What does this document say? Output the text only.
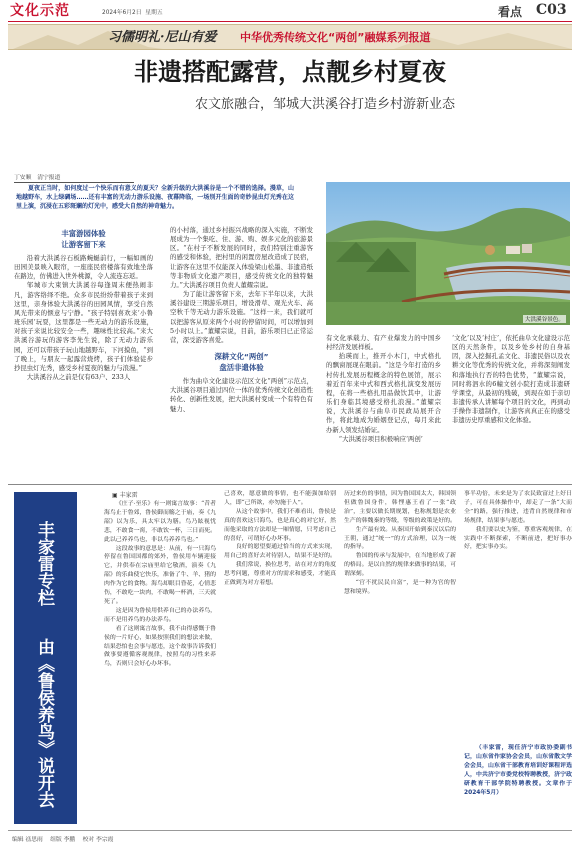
文化示范	2024年6月2日 星期五	看点 C03
习儒明礼·尼山有爱 中华优秀传统文化“两创”融媒系列报道
非遗搭配露营，点靓乡村夏夜
农文旅融合，邹城大洪溪谷打造乡村游新业态
丁安顺　清宁报道
夏夜正当时，如何度过一个快乐而有意义的夏天？全新升级的大洪溪谷是一个不错的选择。漫草，山地越野车，水上绿碉场……还有丰富的无动力游乐设施、夜幕降临，一场别开生面的奇妙昆虫灯光秀在这里上演，沉浸在五彩斑斓的灯光中，感受大自然的神奇魅力。
大洪溪谷景色。
丰富游园体验
让游客留下来

沿着大洪溪谷石板路蜿蜒前行，一幅如画的田园美景映入眼帘，一座座民宿楼落有致地坐落在路边，仿佛进入世外桃源，令人流连忘返。

邹城市大束镇大洪溪谷每逢周末便热闹非凡，游客络绎不绝。众多市民纷纷带着孩子来到这里，亲身体验大洪溪谷的田园风情，享受自然风光带来的惬意与宁静。“孩子特别喜欢来‘小鲁班乐园’玩耍，这里都是一些无动力的游乐设施，对孩子来说比较安全一些，趣味性比较高。”来大洪溪谷游玩的游客李先生说，除了无动力游乐园，还可以带孩子玩山地越野车，下河摸鱼，“到了晚上，与朋友一起露营烧烤，孩子们体验徒步抄昆虫灯光秀，感受乡村夏夜的魅力与浪漫。”

大洪溪谷从之前是仅有63户、233人

的小村落，通过乡村振兴战略的深入实施，不断发展成为一个集吃、住、游、购、娱多元化的旅游景区。“在村子不断发展的同时，我们特别注重游客的感受和体验，把村里的闲置房屋改造成了民宿，让游客在这里不仅能深入体验梁山松墨、非遗造纸等非物质文化遗产项目，感受传统文化的独特魅力。”大洪溪谷项目负责人董耀宗说。

为了能让游客留下来，去年下半年以来，大洪溪谷建设三期游乐项目，增设滑草、观光火车、高空秋千等无动力游乐设施。“这样一来，我们就可以把游客从原来两个小时的停留时间，可以增加到5小时以上。”董耀宗说，目前，游乐项目已正常运营，深受游客喜爱。

深耕文化“两创”
盘活非遗体验

作为曲阜文化建设示范区文化“两创”示范点，大洪溪谷项目通过四位一体的优秀传统文化创造性转化、创新性发展，把大洪溪村变成一个有特色有魅力、

有文化承载力、有产业爆发力的中国乡村经济发展样板。

抬瑛而上，推开小木门，中式格扎的飘窗展现在眼前。“这是今年打造的乡村传扎发展历程概念的特色展馆，展示着近百年来中式和西式格扎演变发展历程，在将一些格扎用品做饮其中，让游乐们身临其境感受格扎浪漫。”董耀宗说，大洪溪谷与曲阜市民政局展开合作，将此地成为婚姻登记点，每月来此办新人领发结婚证。

“大洪溪谷项目积极响应‘两创’

‘文化’以及‘村庄’，依托曲阜文化建设示范区的天然条件，以及乡处乡村的自身基因，深入挖掘孔孟文化、非遗民俗以及农耕文化等优秀的传统文化，并将深刻阐发和落地执行否的特色优势，“董耀宗说，同时将泗水的6幢文创小院打造成非遗研学课堂，从最初的残破，到现在如于亲切非遗传承人讲解每个项目的文化，再到动手操作非遗制作，让游客真真正在的感受非遗历史厚重感和文化体验。

丰家雷专栏
由《鲁侯养鸟》说开去
▣ 丰家雷

《庄子·至乐》有一则寓言故事：“昔者海鸟止于鲁郊，鲁侯御而觞之于庙，奏《九韶》以为乐，具太牢以为膳。鸟乃眩视忧悲，不敢食一脔，不敢饮一杯，三日而死。此以己养养鸟也，非以鸟养养鸟也。”

这段故事的意思是：从前，有一只海鸟停留在鲁国国都的郊外，鲁侯用车辆迎接它，并供奉在宗庙里给它敬酒，演奏《九韶》的乐曲使它快乐，准备了牛、羊、猪的肉作为它的食物。海鸟却眼目昏花，心情悲伤，不敢吃一块肉，不敢喝一杯酒，三天就死了。

这是因为鲁侯用供养自己的办法养鸟，而不是用养鸟的办法养鸟。

看了这则寓言故事，我不由得感慨于鲁侯的一片好心，如果按照我们的想法来做，结果恐怕也会事与愿违，这个故事告诉我们做事要遵循客观规律，按照鸟的习性来养鸟，否则只会好心办坏事。

己喜欢，愿意做的事情，也不能强加给别人，即“己所欲，亦勿施于人”。

从这个故事中，我们不难看出，鲁侯是真的喜欢这只海鸟，也是真心的对它好，然而他采取的方法却是一厢情愿，只考虑自己的喜好，可谓好心办坏事。

良好的愿望要通过恰当的方式来实现，用自己的喜好去对待别人，结果不是好的。

我们常说，换位思考，站在对方的角度思考问题，尊重对方的需求和感受，才能真正做到为对方着想。

历过来仿的事情，因为鲁国国太大，韩国领但做鲁国身件，韩悝惠王看了一张“政治”，主要以做长期规划，也称规划是农业生产的韩魏秦的等级，等级的政策是好的。

生产最有效。从秦国开始到秦汉以后的王朝，通过“统一”的方式治理，以为一统的指导。

鲁国的传承与发展中，在当地形成了新的格局。是以自然的规律来做事的结果，可谓深刻。

“官不扰民民自富”，是一种为官的智慧和境界。

事半功倍，未来是为了农民致富过上好日子，可在具体操作中，却走了一条“大而全”的路，强行推进，违背自然规律和市场规律，结果事与愿违。

我们要以史为鉴，尊重客观规律，在实践中不断探索，不断前进，把好事办好，把实事办实。

（丰家雷，现任济宁市政协委副书记，山东省作家协会会员，山东省散文学会会员，山东省干部教育培训好课程评选人，中共济宁市委党校特聘教授，济宁政研教育干部学院特聘教授。文章作于2024年5月）
编辑 禚思雨 组版 李鹏 校对 李宗霞
